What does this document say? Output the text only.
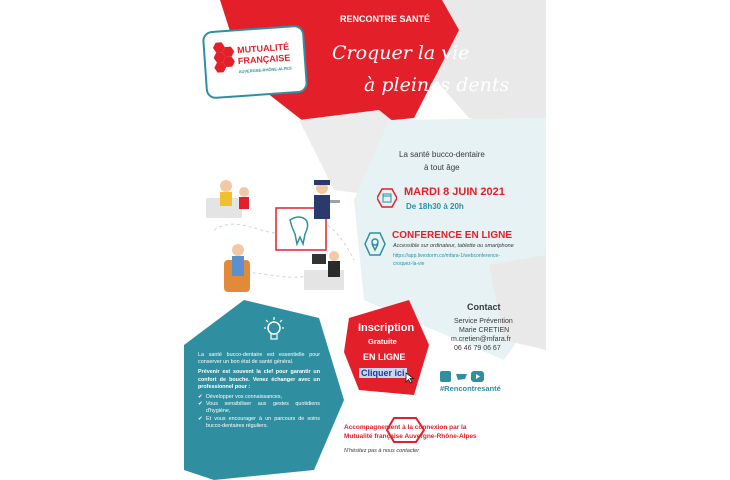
MUTUALITÉ
FRANÇAISE
AUVERGNE-RHÔNE-ALPES
RENCONTRE SANTÉ
Croquer la vie
à pleines dents
La santé bucco-dentaire
à tout âge
MARDI 8 JUIN 2021
De 18h30 à 20h
CONFERENCE EN LIGNE
Accessible sur ordinateur, tablette ou smartphone
https://app.livestorm.co/mfara-1/webconference-
croquez-la-vie
Inscription
Gratuite
EN LIGNE
Cliquer ici
Contact
Service Prévention
Marie CRETIEN
m.cretien@mfara.fr
06 46 79 06 67
#Rencontresanté
La santé bucco-dentaire est essentielle pour conserver un bon état de santé général.
Prévenir est souvent la clef pour garantir un confort de bouche. Venez échanger avec un professionnel pour :
✔ Développer vos connaissances,
✔ Vous sensibiliser aux gestes quotidiens d'hygiène,
✔ Et vous encourager à un parcours de soins bucco-dentaires réguliers.	Accompagnement à la connexion par la
Mutualité française Auvergne-Rhône-Alpes
N'hésitez pas à nous contacter
